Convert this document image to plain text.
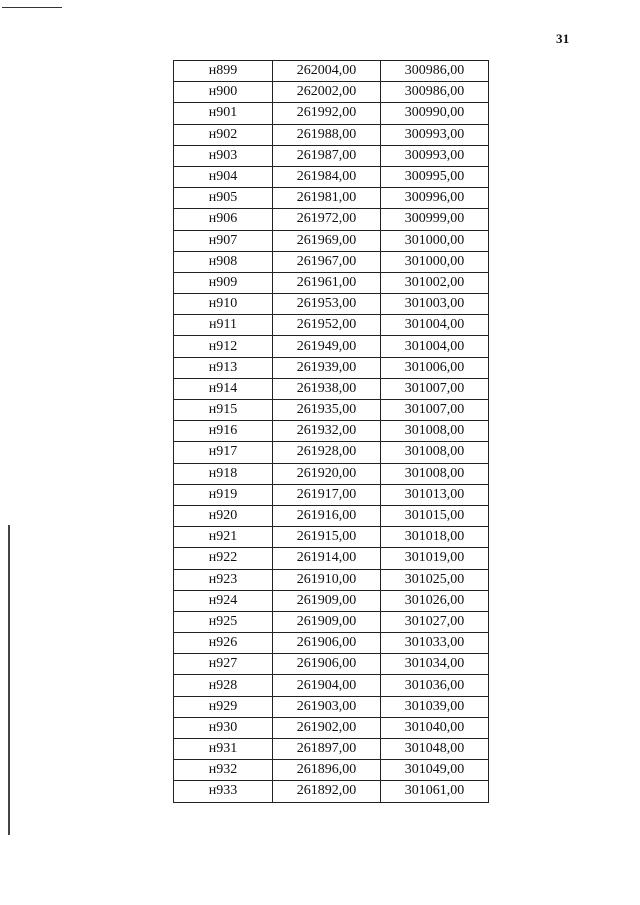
31
н899	262004,00	300986,00
н900	262002,00	300986,00
н901	261992,00	300990,00
н902	261988,00	300993,00
н903	261987,00	300993,00
н904	261984,00	300995,00
н905	261981,00	300996,00
н906	261972,00	300999,00
н907	261969,00	301000,00
н908	261967,00	301000,00
н909	261961,00	301002,00
н910	261953,00	301003,00
н911	261952,00	301004,00
н912	261949,00	301004,00
н913	261939,00	301006,00
н914	261938,00	301007,00
н915	261935,00	301007,00
н916	261932,00	301008,00
н917	261928,00	301008,00
н918	261920,00	301008,00
н919	261917,00	301013,00
н920	261916,00	301015,00
н921	261915,00	301018,00
н922	261914,00	301019,00
н923	261910,00	301025,00
н924	261909,00	301026,00
н925	261909,00	301027,00
н926	261906,00	301033,00
н927	261906,00	301034,00
н928	261904,00	301036,00
н929	261903,00	301039,00
н930	261902,00	301040,00
н931	261897,00	301048,00
н932	261896,00	301049,00
н933	261892,00	301061,00
